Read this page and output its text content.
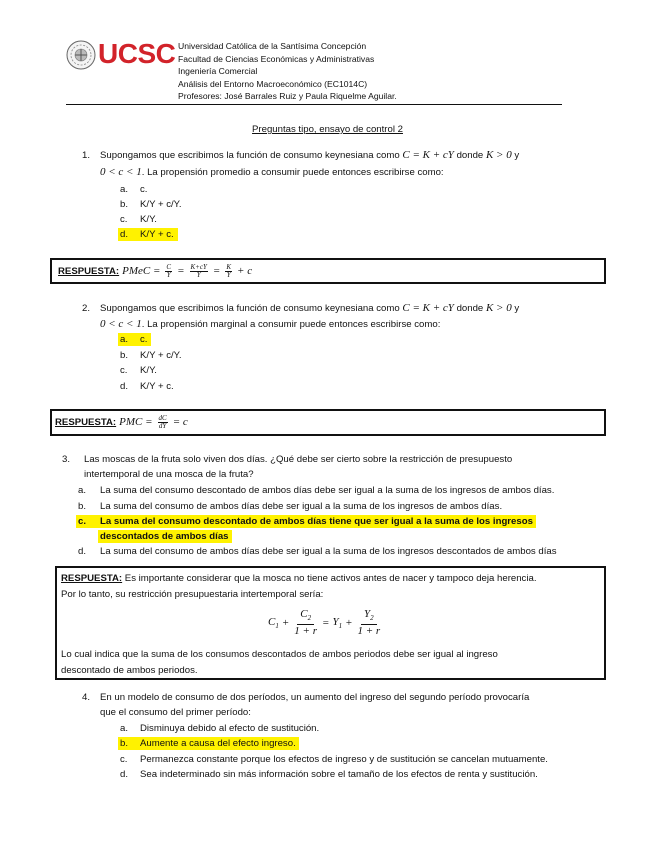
UCSC Universidad Católica de la Santísima Concepción
Facultad de Ciencias Económicas y Administrativas
Ingeniería Comercial
Análisis del Entorno Macroeconómico (EC1014C)
Profesores: José Barrales Ruiz y Paula Riquelme Aguilar.
Preguntas tipo, ensayo de control 2
1. Supongamos que escribimos la función de consumo keynesiana como C = K + cY donde K > 0 y
0 < c < 1. La propensión promedio a consumir puede entonces escribirse como:
a. c.
b. K/Y + c/Y.
c. K/Y.
d. K/Y + c.
RESPUESTA: PMeC = $\frac{C}{Y} = \frac{K+cY}{Y} = \frac{K}{Y} + c$
2. Supongamos que escribimos la función de consumo keynesiana como C = K + cY donde K > 0 y
0 < c < 1. La propensión marginal a consumir puede entonces escribirse como:
a. c.
b. K/Y + c/Y.
c. K/Y.
d. K/Y + c.
RESPUESTA: PMC = $\frac{dC}{dY} = c$
3. Las moscas de la fruta solo viven dos días. ¿Qué debe ser cierto sobre la restricción de presupuesto
intertemporal de una mosca de la fruta?
a. La suma del consumo descontado de ambos días debe ser igual a la suma de los ingresos de ambos días.
b. La suma del consumo de ambos días debe ser igual a la suma de los ingresos de ambos días.
c. La suma del consumo descontado de ambos días tiene que ser igual a la suma de los ingresos
descontados de ambos días
d. La suma del consumo de ambos días debe ser igual a la suma de los ingresos descontados de ambos días
RESPUESTA: Es importante considerar que la mosca no tiene activos antes de nacer y tampoco deja herencia.
Por lo tanto, su restricción presupuestaria intertemporal sería:
$C_1 + \frac{C_2}{1 + r} = Y_1 + \frac{Y_2}{1 + r}$
Lo cual indica que la suma de los consumos descontados de ambos periodos debe ser igual al ingreso
descontado de ambos periodos.
4. En un modelo de consumo de dos períodos, un aumento del ingreso del segundo período provocaría
que el consumo del primer período:
a. Disminuya debido al efecto de sustitución.
b. Aumente a causa del efecto ingreso.
c. Permanezca constante porque los efectos de ingreso y de sustitución se cancelan mutuamente.
d. Sea indeterminado sin más información sobre el tamaño de los efectos de renta y sustitución.
